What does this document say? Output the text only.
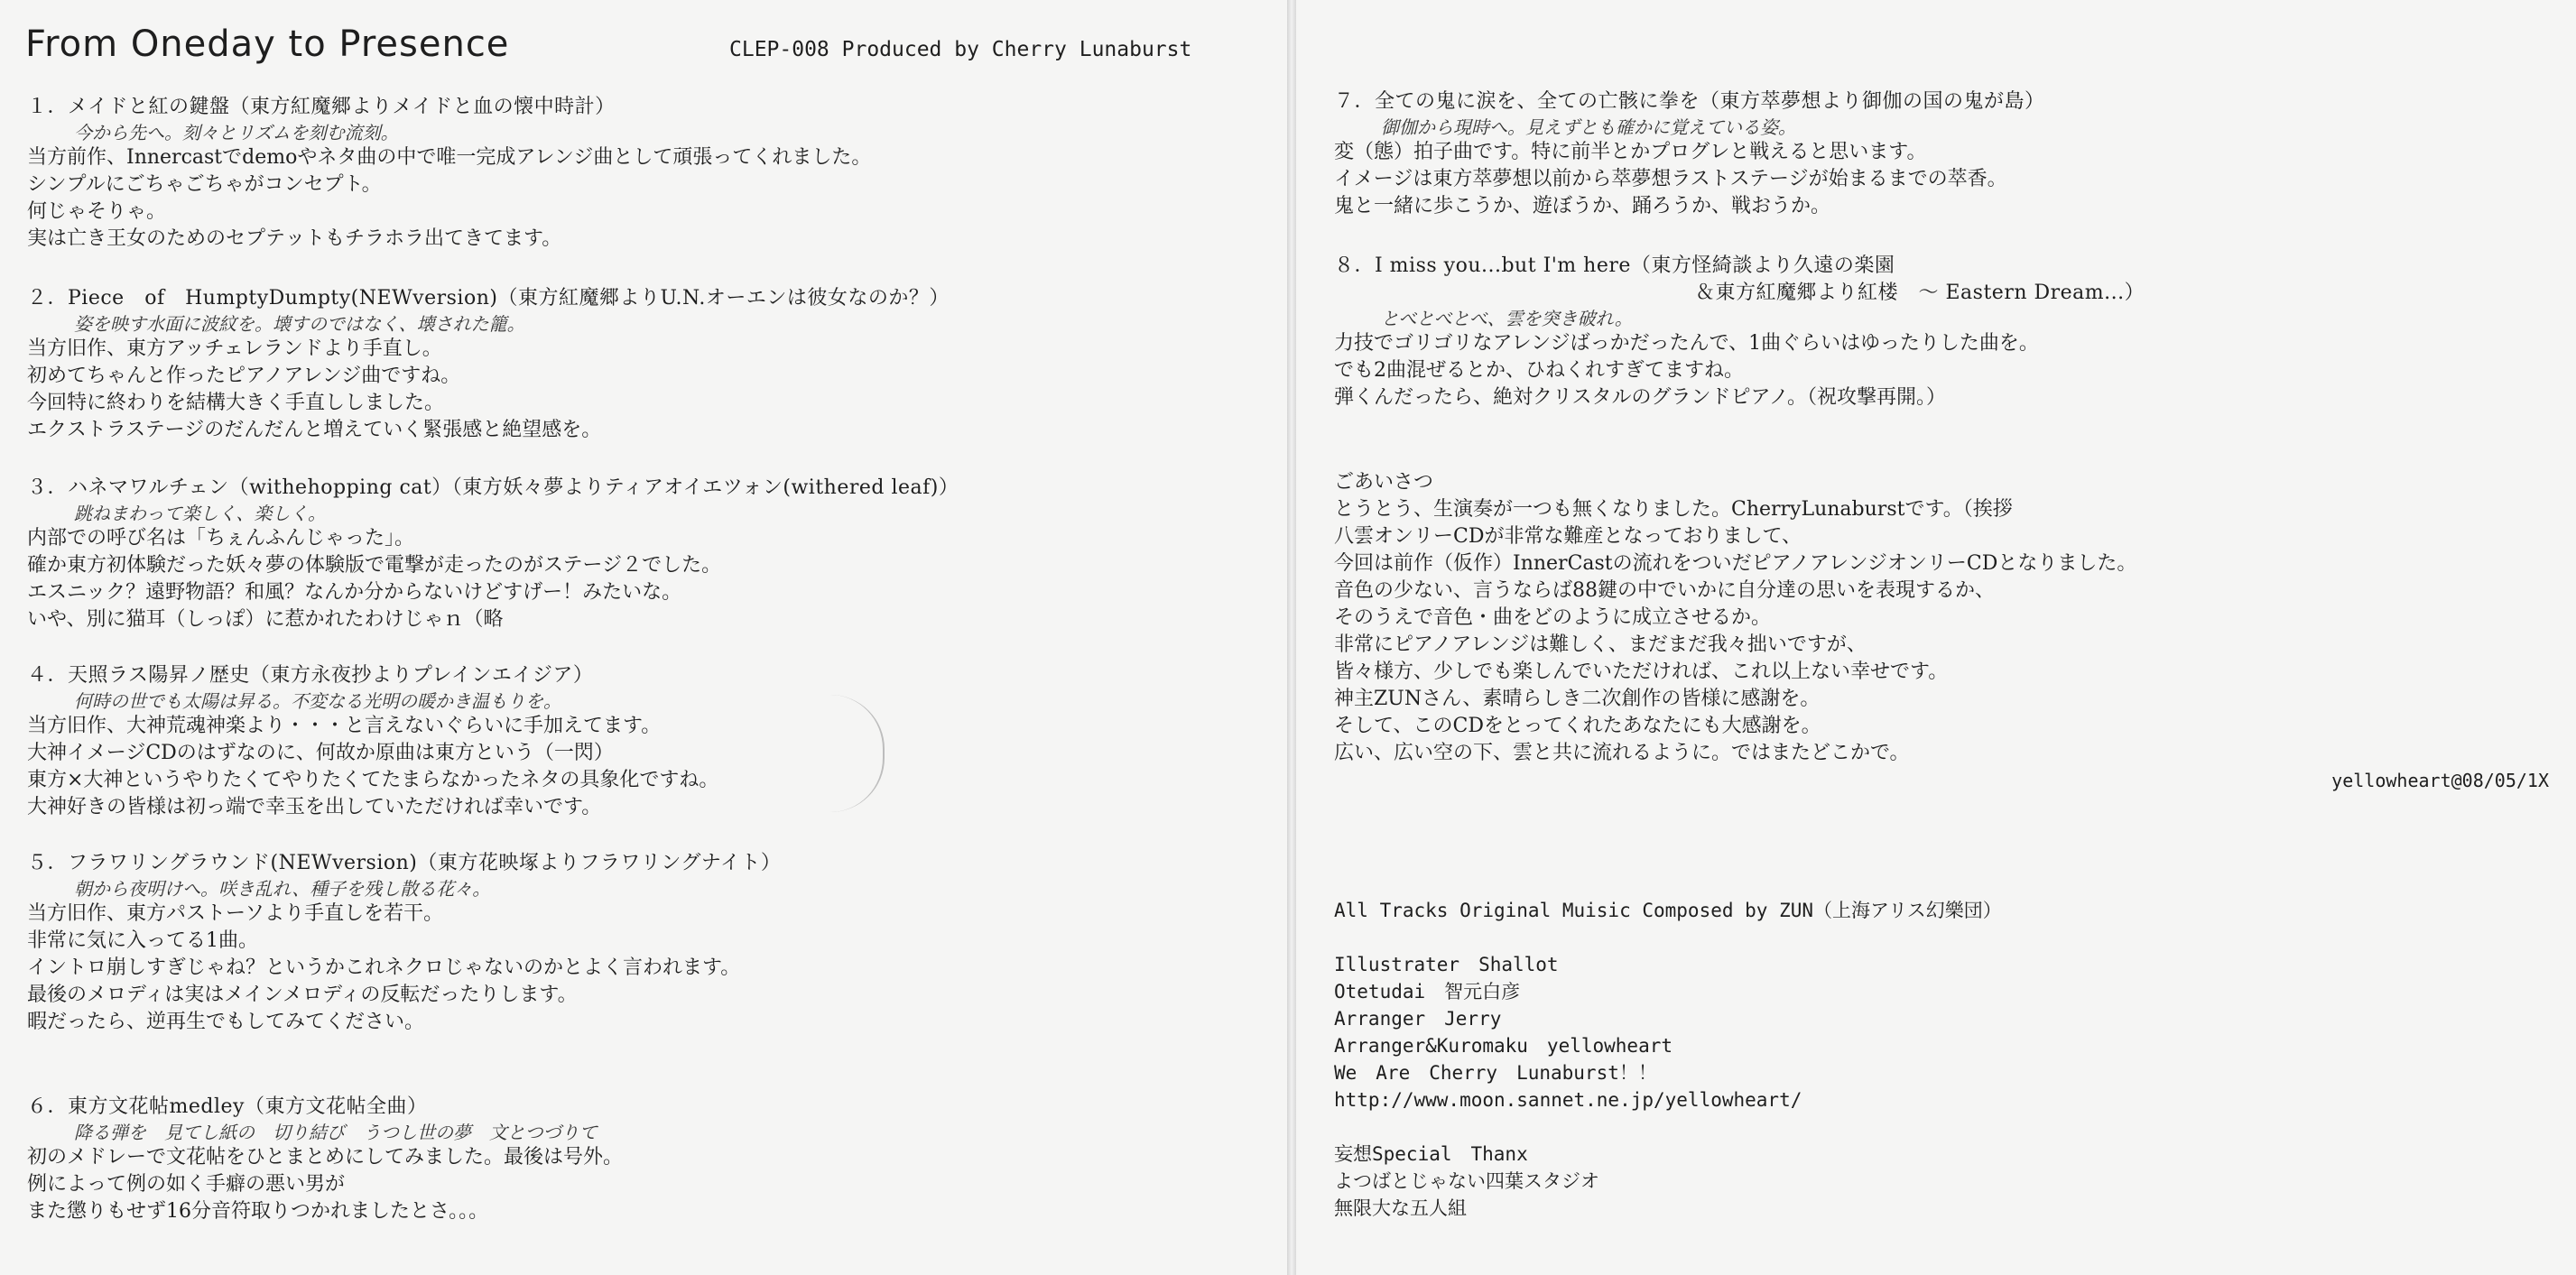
From Oneday to Presence	CLEP-008 Produced by Cherry Lunaburst

１．メイドと紅の鍵盤（東方紅魔郷よりメイドと血の懐中時計）

今から先へ。刻々とリズムを刻む流刻。

当方前作、Innercastでdemoやネタ曲の中で唯一完成アレンジ曲として頑張ってくれました。

シンプルにごちゃごちゃがコンセプト。

何じゃそりゃ。

実は亡き王女のためのセプテットもチラホラ出てきてます。

２．Piece　of　HumptyDumpty(NEWversion)（東方紅魔郷よりU.N.オーエンは彼女なのか？）

姿を映す水面に波紋を。壊すのではなく、壊された籠。

当方旧作、東方アッチェレランドより手直し。

初めてちゃんと作ったピアノアレンジ曲ですね。

今回特に終わりを結構大きく手直ししました。

エクストラステージのだんだんと増えていく緊張感と絶望感を。

３．ハネマワルチェン（withehopping cat）（東方妖々夢よりティアオイエツォン(withered leaf)）

跳ねまわって楽しく、楽しく。

内部での呼び名は「ちぇんふんじゃった」。

確か東方初体験だった妖々夢の体験版で電撃が走ったのがステージ２でした。

エスニック？遠野物語？和風？なんか分からないけどすげー！みたいな。

いや、別に猫耳（しっぽ）に惹かれたわけじゃｎ（略

４．天照ラス陽昇ノ歴史（東方永夜抄よりプレインエイジア）

何時の世でも太陽は昇る。不変なる光明の暖かき温もりを。

当方旧作、大神荒魂神楽より・・・と言えないぐらいに手加えてます。

大神イメージCDのはずなのに、何故か原曲は東方という（一閃）

東方×大神というやりたくてやりたくてたまらなかったネタの具象化ですね。

大神好きの皆様は初っ端で幸玉を出していただければ幸いです。

５．フラワリングラウンド(NEWversion)（東方花映塚よりフラワリングナイト）

朝から夜明けへ。咲き乱れ、種子を残し散る花々。

当方旧作、東方パストーソより手直しを若干。

非常に気に入ってる1曲。

イントロ崩しすぎじゃね？というかこれネクロじゃないのかとよく言われます。

最後のメロディは実はメインメロディの反転だったりします。

暇だったら、逆再生でもしてみてください。

６．東方文花帖medley（東方文花帖全曲）

降る弾を　見てし紙の　切り結び　うつし世の夢　文とつづりて

初のメドレーで文花帖をひとまとめにしてみました。最後は号外。

例によって例の如く手癖の悪い男が

また懲りもせず16分音符取りつかれましたとさ。。。

７．全ての鬼に涙を、全ての亡骸に拳を（東方萃夢想より御伽の国の鬼が島）

御伽から現時へ。見えずとも確かに覚えている姿。

変（態）拍子曲です。特に前半とかプログレと戦えると思います。

イメージは東方萃夢想以前から萃夢想ラストステージが始まるまでの萃香。

鬼と一緒に歩こうか、遊ぼうか、踊ろうか、戦おうか。

８．I miss you...but I'm here（東方怪綺談より久遠の楽園

＆東方紅魔郷より紅楼　～ Eastern Dream...）

とべとべとべ、雲を突き破れ。

力技でゴリゴリなアレンジばっかだったんで、1曲ぐらいはゆったりした曲を。

でも2曲混ぜるとか、ひねくれすぎてますね。

弾くんだったら、絶対クリスタルのグランドピアノ。（祝攻撃再開。）

ごあいさつ

とうとう、生演奏が一つも無くなりました。CherryLunaburstです。（挨拶

八雲オンリーCDが非常な難産となっておりまして、

今回は前作（仮作）InnerCastの流れをついだピアノアレンジオンリーCDとなりました。

音色の少ない、言うならば88鍵の中でいかに自分達の思いを表現するか、

そのうえで音色・曲をどのように成立させるか。

非常にピアノアレンジは難しく、まだまだ我々拙いですが、

皆々様方、少しでも楽しんでいただければ、これ以上ない幸せです。

神主ZUNさん、素晴らしき二次創作の皆様に感謝を。

そして、このCDをとってくれたあなたにも大感謝を。

広い、広い空の下、雲と共に流れるように。ではまたどこかで。

yellowheart@08/05/1X

All Tracks Original Muisic Composed by ZUN（上海アリス幻樂団）

Illustrater　Shallot

Otetudai　智元白彦

Arranger　Jerry

Arranger&Kuromaku　yellowheart

We　Are　Cherry　Lunaburst！！

http://www.moon.sannet.ne.jp/yellowheart/

妄想Special　Thanx

よつばとじゃない四葉スタジオ

無限大な五人組
